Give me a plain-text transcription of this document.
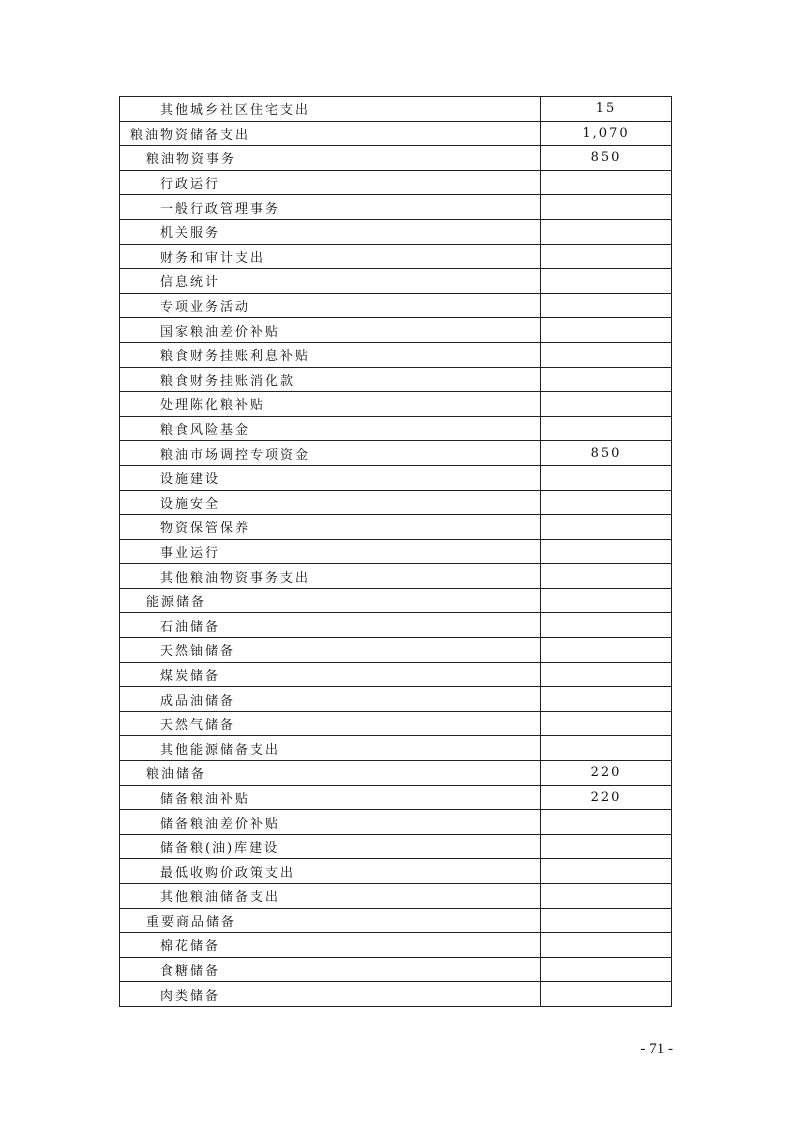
其他城乡社区住宅支出	15
粮油物资储备支出	1,070
粮油物资事务	850
行政运行	
一般行政管理事务	
机关服务	
财务和审计支出	
信息统计	
专项业务活动	
国家粮油差价补贴	
粮食财务挂账利息补贴	
粮食财务挂账消化款	
处理陈化粮补贴	
粮食风险基金	
粮油市场调控专项资金	850
设施建设	
设施安全	
物资保管保养	
事业运行	
其他粮油物资事务支出	
能源储备	
石油储备	
天然铀储备	
煤炭储备	
成品油储备	
天然气储备	
其他能源储备支出	
粮油储备	220
储备粮油补贴	220
储备粮油差价补贴	
储备粮(油)库建设	
最低收购价政策支出	
其他粮油储备支出	
重要商品储备	
棉花储备	
食糖储备	
肉类储备	
- 71 -
